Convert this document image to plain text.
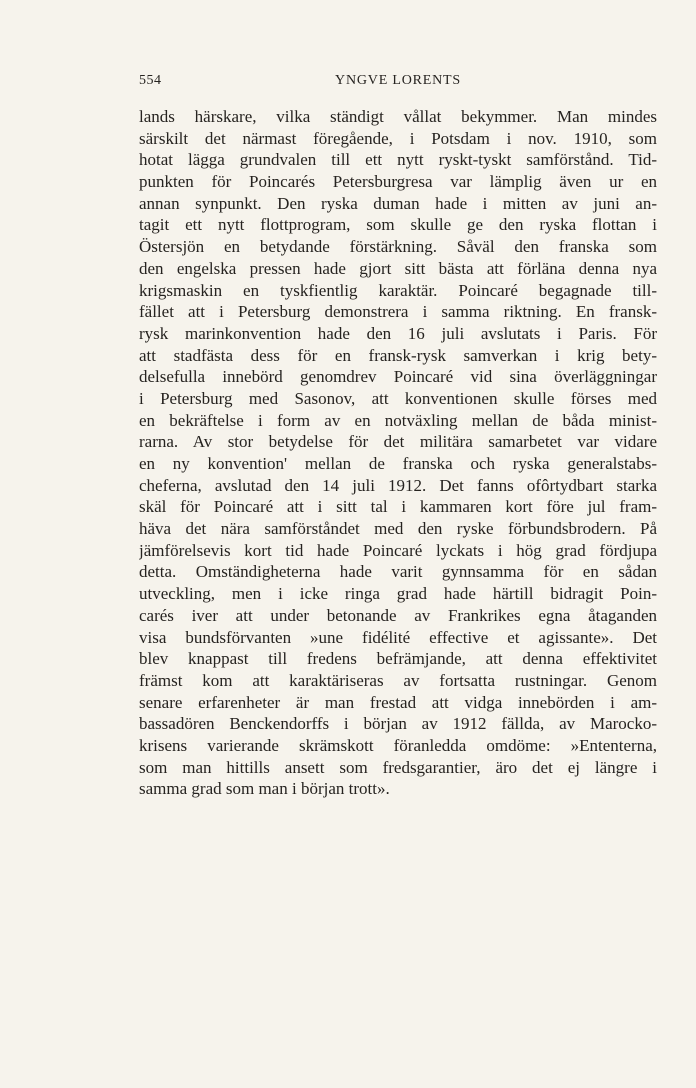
554	YNGVE LORENTS
lands härskare, vilka ständigt vållat bekymmer. Man mindes
särskilt det närmast föregående, i Potsdam i nov. 1910, som
hotat lägga grundvalen till ett nytt ryskt-tyskt samförstånd. Tid-
punkten för Poincarés Petersburgresa var lämplig även ur en
annan synpunkt. Den ryska duman hade i mitten av juni an-
tagit ett nytt flottprogram, som skulle ge den ryska flottan i
Östersjön en betydande förstärkning. Såväl den franska som
den engelska pressen hade gjort sitt bästa att förläna denna nya
krigsmaskin en tyskfientlig karaktär. Poincaré begagnade till-
fället att i Petersburg demonstrera i samma riktning. En fransk-
rysk marinkonvention hade den 16 juli avslutats i Paris. För
att stadfästa dess för en fransk-rysk samverkan i krig bety-
delsefulla innebörd genomdrev Poincaré vid sina överläggningar
i Petersburg med Sasonov, att konventionen skulle förses med
en bekräftelse i form av en notväxling mellan de båda minist-
rarna. Av stor betydelse för det militära samarbetet var vidare
en ny konvention' mellan de franska och ryska generalstabs-
cheferna, avslutad den 14 juli 1912. Det fanns ofôrtydbart starka
skäl för Poincaré att i sitt tal i kammaren kort före jul fram-
häva det nära samförståndet med den ryske förbundsbrodern. På
jämförelsevis kort tid hade Poincaré lyckats i hög grad fördjupa
detta. Omständigheterna hade varit gynnsamma för en sådan
utveckling, men i icke ringa grad hade härtill bidragit Poin-
carés iver att under betonande av Frankrikes egna åtaganden
visa bundsförvanten »une fidélité effective et agissante». Det
blev knappast till fredens befrämjande, att denna effektivitet
främst kom att karaktäriseras av fortsatta rustningar. Genom
senare erfarenheter är man frestad att vidga innebörden i am-
bassadören Benckendorffs i början av 1912 fällda, av Marocko-
krisens varierande skrämskott föranledda omdöme: »Ententerna,
som man hittills ansett som fredsgarantier, äro det ej längre i
samma grad som man i början trott».
